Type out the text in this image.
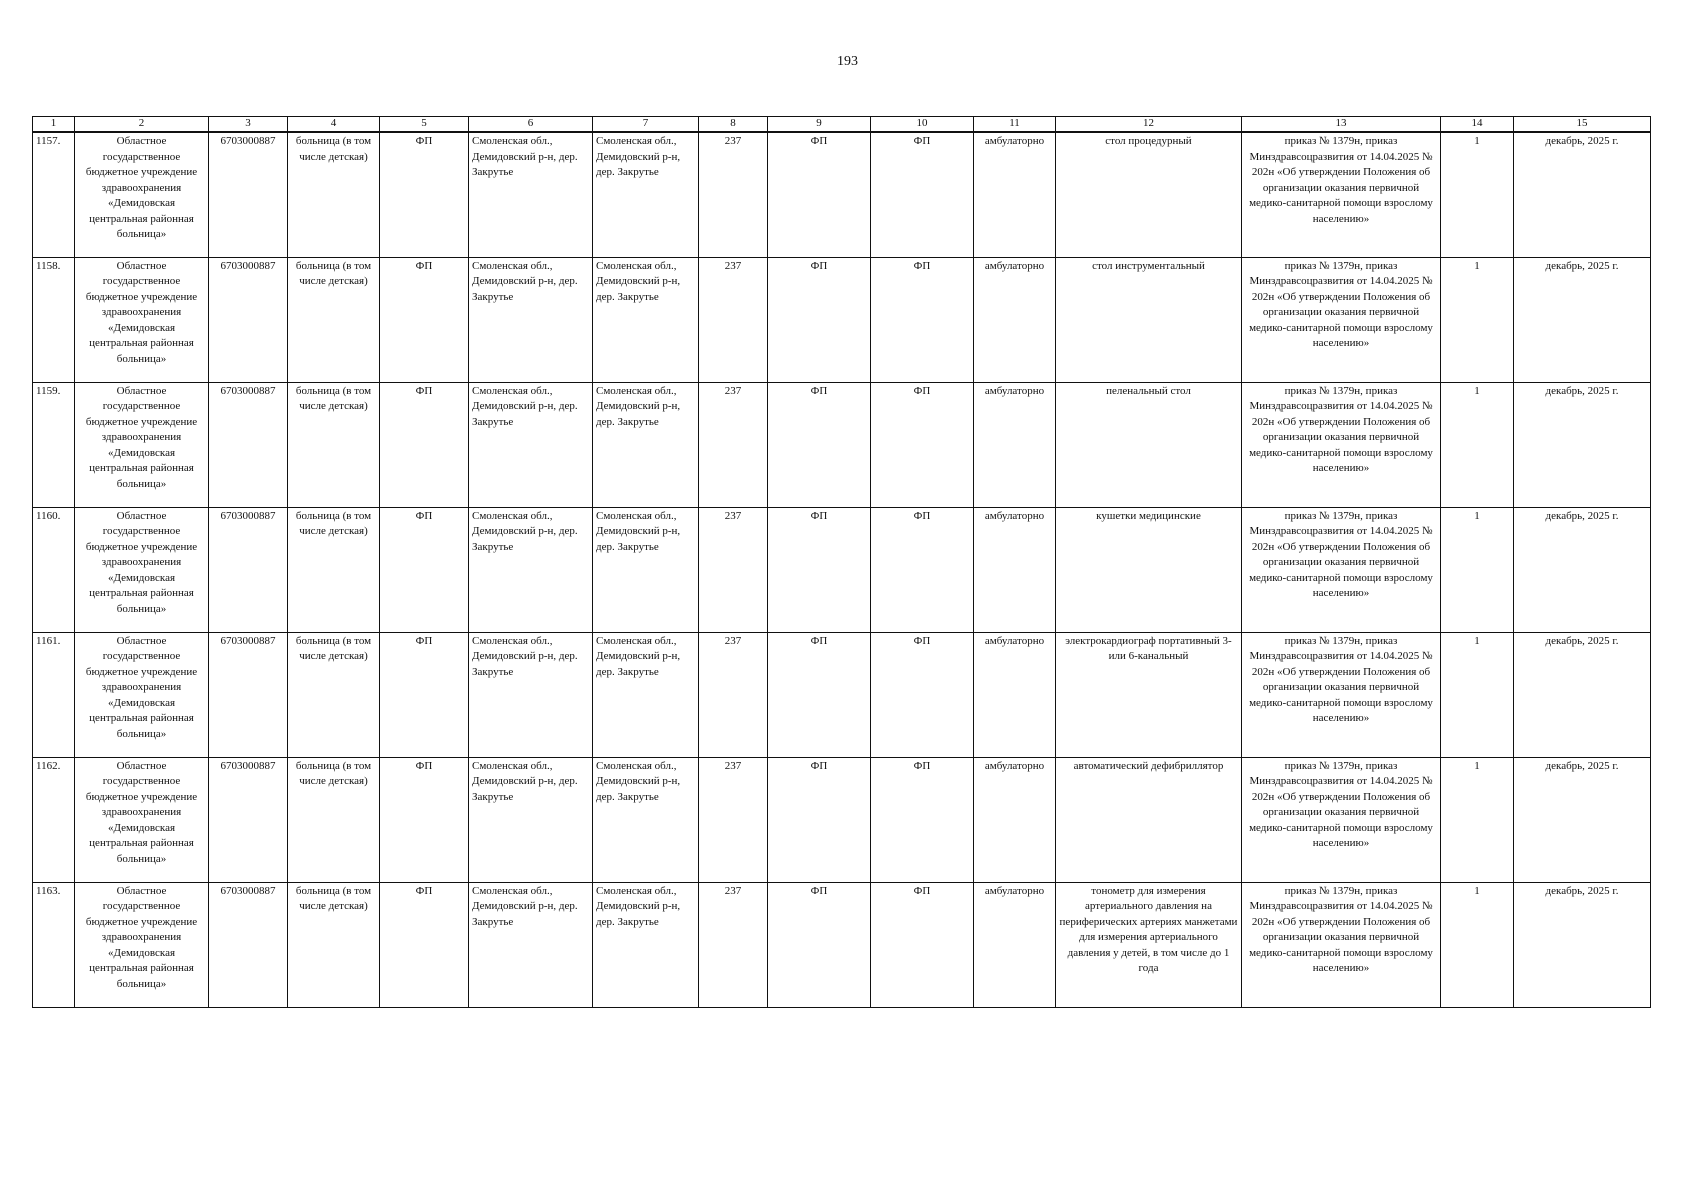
193
1	2	3	4	5	6	7	8	9	10	11	12	13	14	15
1157.	Областное государственное бюджетное учреждение здравоохранения «Демидовская центральная районная больница»	6703000887	больница (в том числе детская)	ФП	Смоленская обл., Демидовский р-н, дер. Закрутье	Смоленская обл., Демидовский р-н, дер. Закрутье	237	ФП	ФП	амбулаторно	стол процедурный	приказ № 1379н, приказ Минздравсоцразвития от 14.04.2025 № 202н «Об утверждении Положения об организации оказания первичной медико-санитарной помощи взрослому населению»	1	декабрь, 2025 г.
1158.	Областное государственное бюджетное учреждение здравоохранения «Демидовская центральная районная больница»	6703000887	больница (в том числе детская)	ФП	Смоленская обл., Демидовский р-н, дер. Закрутье	Смоленская обл., Демидовский р-н, дер. Закрутье	237	ФП	ФП	амбулаторно	стол инструментальный	приказ № 1379н, приказ Минздравсоцразвития от 14.04.2025 № 202н «Об утверждении Положения об организации оказания первичной медико-санитарной помощи взрослому населению»	1	декабрь, 2025 г.
1159.	Областное государственное бюджетное учреждение здравоохранения «Демидовская центральная районная больница»	6703000887	больница (в том числе детская)	ФП	Смоленская обл., Демидовский р-н, дер. Закрутье	Смоленская обл., Демидовский р-н, дер. Закрутье	237	ФП	ФП	амбулаторно	пеленальный стол	приказ № 1379н, приказ Минздравсоцразвития от 14.04.2025 № 202н «Об утверждении Положения об организации оказания первичной медико-санитарной помощи взрослому населению»	1	декабрь, 2025 г.
1160.	Областное государственное бюджетное учреждение здравоохранения «Демидовская центральная районная больница»	6703000887	больница (в том числе детская)	ФП	Смоленская обл., Демидовский р-н, дер. Закрутье	Смоленская обл., Демидовский р-н, дер. Закрутье	237	ФП	ФП	амбулаторно	кушетки медицинские	приказ № 1379н, приказ Минздравсоцразвития от 14.04.2025 № 202н «Об утверждении Положения об организации оказания первичной медико-санитарной помощи взрослому населению»	1	декабрь, 2025 г.
1161.	Областное государственное бюджетное учреждение здравоохранения «Демидовская центральная районная больница»	6703000887	больница (в том числе детская)	ФП	Смоленская обл., Демидовский р-н, дер. Закрутье	Смоленская обл., Демидовский р-н, дер. Закрутье	237	ФП	ФП	амбулаторно	электрокардиограф портативный 3-или 6-канальный	приказ № 1379н, приказ Минздравсоцразвития от 14.04.2025 № 202н «Об утверждении Положения об организации оказания первичной медико-санитарной помощи взрослому населению»	1	декабрь, 2025 г.
1162.	Областное государственное бюджетное учреждение здравоохранения «Демидовская центральная районная больница»	6703000887	больница (в том числе детская)	ФП	Смоленская обл., Демидовский р-н, дер. Закрутье	Смоленская обл., Демидовский р-н, дер. Закрутье	237	ФП	ФП	амбулаторно	автоматический дефибриллятор	приказ № 1379н, приказ Минздравсоцразвития от 14.04.2025 № 202н «Об утверждении Положения об организации оказания первичной медико-санитарной помощи взрослому населению»	1	декабрь, 2025 г.
1163.	Областное государственное бюджетное учреждение здравоохранения «Демидовская центральная районная больница»	6703000887	больница (в том числе детская)	ФП	Смоленская обл., Демидовский р-н, дер. Закрутье	Смоленская обл., Демидовский р-н, дер. Закрутье	237	ФП	ФП	амбулаторно	тонометр для измерения артериального давления на периферических артериях манжетами для измерения артериального давления у детей, в том числе до 1 года	приказ № 1379н, приказ Минздравсоцразвития от 14.04.2025 № 202н «Об утверждении Положения об организации оказания первичной медико-санитарной помощи взрослому населению»	1	декабрь, 2025 г.
